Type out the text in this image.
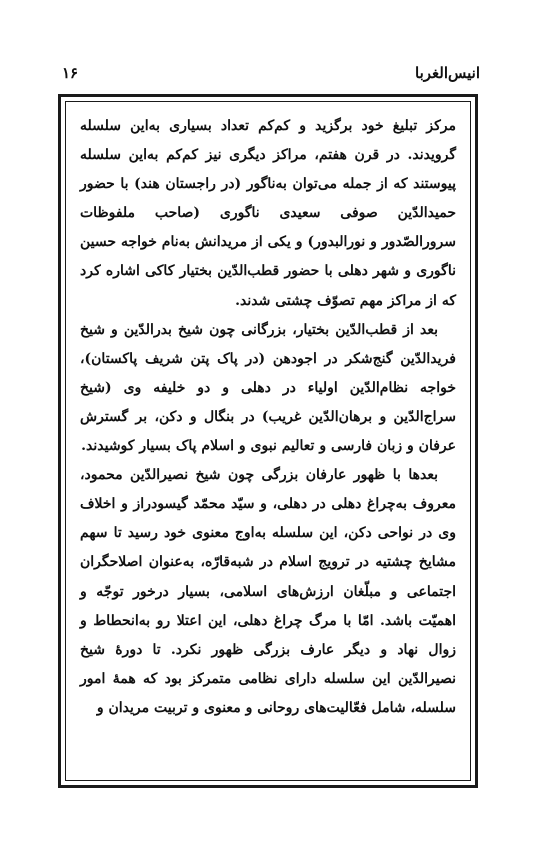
انیس‌الغربا
۱۶

مرکز تبلیغ خود برگزید و کم‌کم تعداد بسیاری به‌این سلسله گرویدند. در قرن هفتم، مراکز دیگری نیز کم‌کم به‌این سلسله پیوستند که از جمله می‌توان به‌ناگور (در راجستان هند) با حضور حمیدالدّین صوفی سعیدی ناگوری (صاحب ملفوظات سرورالصّدور و نورالبدور) و یکی از مریدانش به‌نام خواجه حسین ناگوری و شهر دهلی با حضور قطب‌الدّین بختیار کاکی اشاره کرد که از مراکز مهم تصوّف چشتی شدند.

بعد از قطب‌الدّین بختیار، بزرگانی چون شیخ بدرالدّین و شیخ فریدالدّین گنج‌شکر در اجودهن (در پاک پتن شریف پاکستان)، خواجه نظام‌الدّین اولیاء در دهلی و دو خلیفه وی (شیخ سراج‌الدّین و برهان‌الدّین غریب) در بنگال و دکن، بر گسترش عرفان و زبان فارسی و تعالیم نبوی و اسلام پاک بسیار کوشیدند.

بعدها با ظهور عارفان بزرگی چون شیخ نصیرالدّین محمود، معروف به‌چراغ دهلی در دهلی، و سیّد محمّد گیسودراز و اخلاف وی در نواحی دکن، این سلسله به‌اوج معنوی خود رسید تا سهم مشایخ چشتیه در ترویج اسلام در شبه‌قارّه، به‌عنوان اصلاحگران اجتماعی و مبلّغان ارزش‌های اسلامی، بسیار درخور توجّه و اهمیّت باشد. امّا با مرگ چراغ دهلی، این اعتلا رو به‌انحطاط و زوال نهاد و دیگر عارف بزرگی ظهور نکرد. تا دورهٔ شیخ نصیرالدّین این سلسله دارای نظامی متمرکز بود که همهٔ امور سلسله، شامل فعّالیت‌های روحانی و معنوی و تربیت مریدان و
